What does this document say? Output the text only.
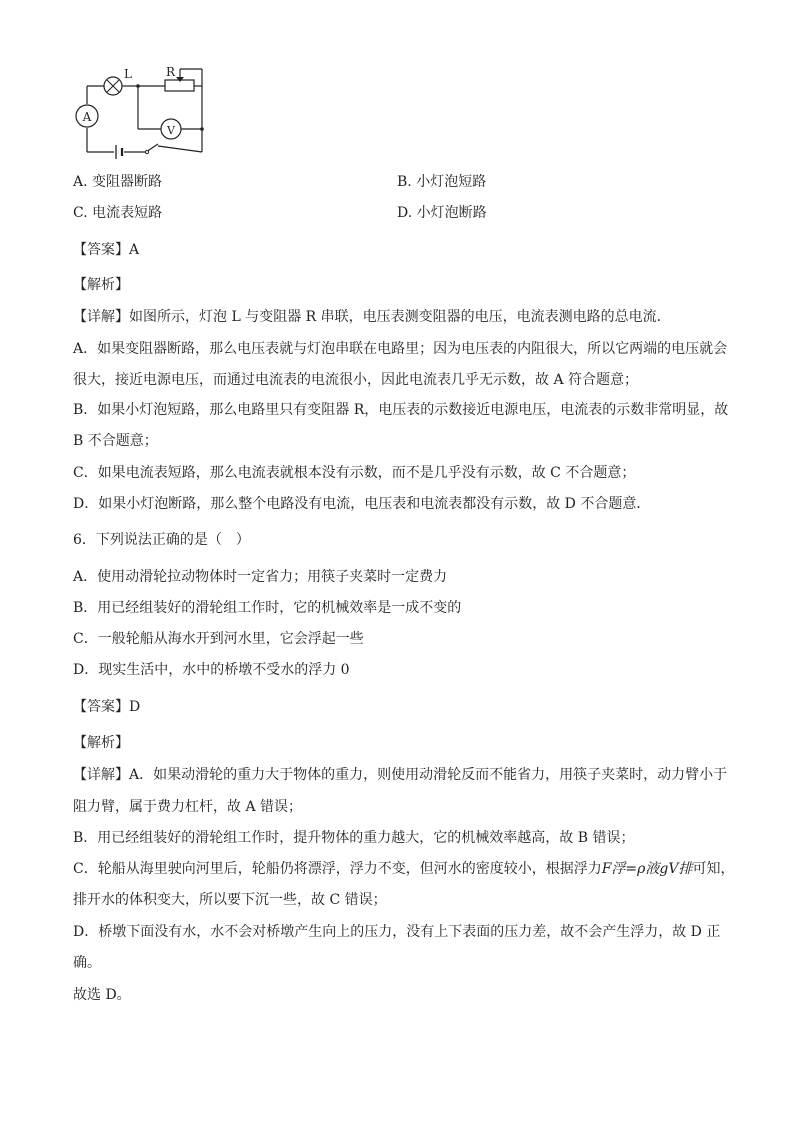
A
V
L	R
A. 变阻器断路	B. 小灯泡短路
C. 电流表短路	D. 小灯泡断路
【答案】A
【解析】
【详解】如图所示，灯泡 L 与变阻器 R 串联，电压表测变阻器的电压，电流表测电路的总电流．
A．如果变阻器断路，那么电压表就与灯泡串联在电路里；因为电压表的内阻很大，所以它两端的电压就会
很大，接近电源电压，而通过电流表的电流很小，因此电流表几乎无示数，故 A 符合题意；
B．如果小灯泡短路，那么电路里只有变阻器 R，电压表的示数接近电源电压，电流表的示数非常明显，故
B 不合题意；
C．如果电流表短路，那么电流表就根本没有示数，而不是几乎没有示数，故 C 不合题意；
D．如果小灯泡断路，那么整个电路没有电流，电压表和电流表都没有示数，故 D 不合题意．
6．下列说法正确的是（　）
A．使用动滑轮拉动物体时一定省力；用筷子夹菜时一定费力
B．用已经组装好的滑轮组工作时，它的机械效率是一成不变的
C．一般轮船从海水开到河水里，它会浮起一些
D．现实生活中，水中的桥墩不受水的浮力 0
【答案】D
【解析】
【详解】A．如果动滑轮的重力大于物体的重力，则使用动滑轮反而不能省力，用筷子夹菜时，动力臂小于
阻力臂，属于费力杠杆，故 A 错误；
B．用已经组装好的滑轮组工作时，提升物体的重力越大，它的机械效率越高，故 B 错误；
C．轮船从海里驶向河里后，轮船仍将漂浮，浮力不变，但河水的密度较小，根据浮力F浮=ρ液gV排可知，
排开水的体积变大，所以要下沉一些，故 C 错误；
D．桥墩下面没有水，水不会对桥墩产生向上的压力，没有上下表面的压力差，故不会产生浮力，故 D 正
确。
故选 D。
